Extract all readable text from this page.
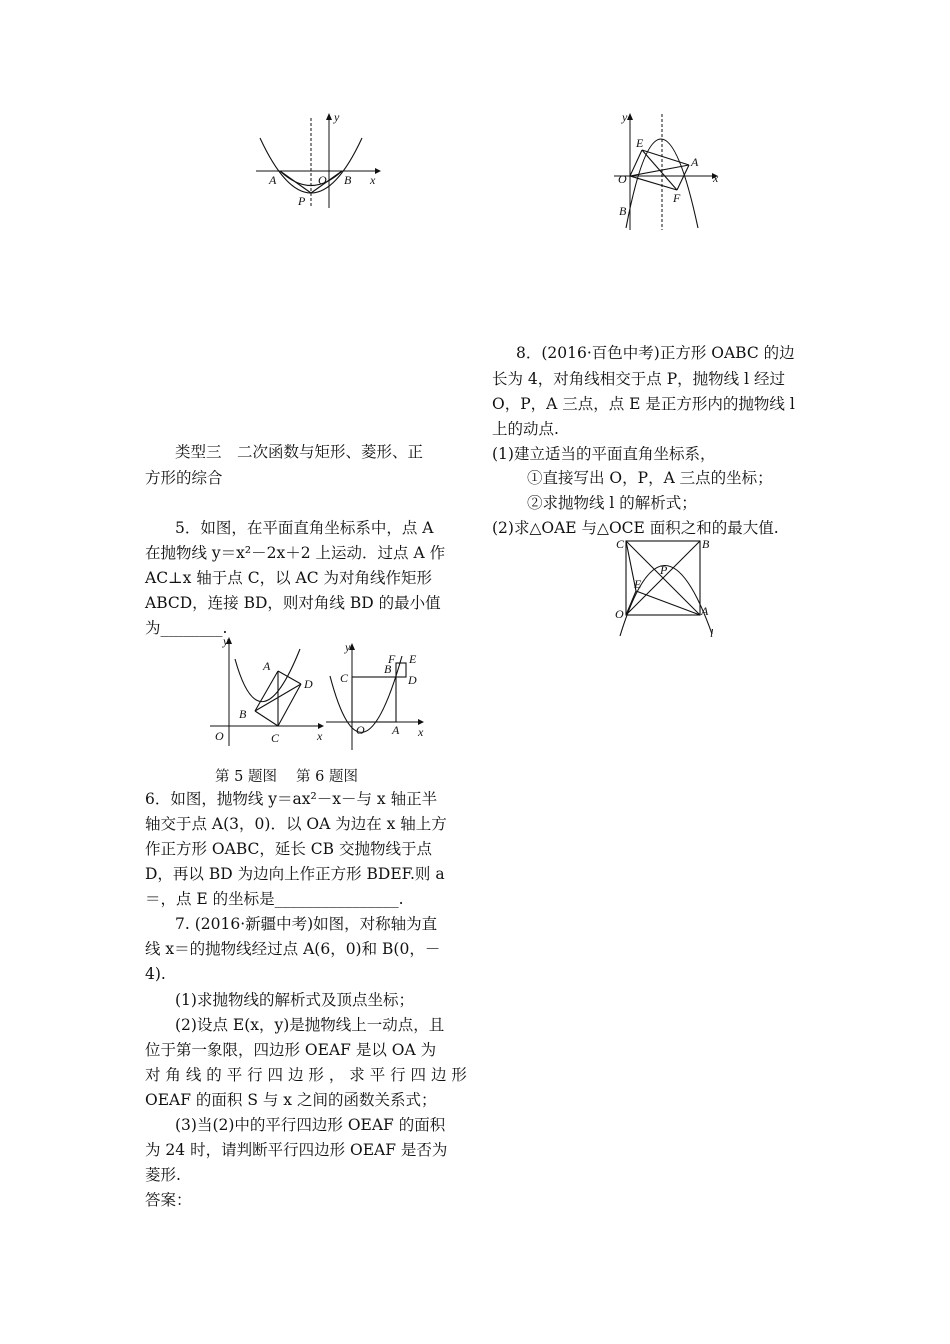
y
x
A	O B
P
y
x
E
A
O
F
B
8．(2016·百色中考)正方形 OABC 的边
长为 4，对角线相交于点 P，抛物线 l 经过
O，P，A 三点，点 E 是正方形内的抛物线 l
上的动点.
(1)建立适当的平面直角坐标系，
①直接写出 O，P，A 三点的坐标；
②求抛物线 l 的解析式；
(2)求△OAE 与△OCE 面积之和的最大值.
C	B
P
E
O	A
l
类型三　二次函数与矩形、菱形、正
方形的综合
5．如图，在平面直角坐标系中，点 A
在抛物线 y＝x²－2x＋2 上运动．过点 A 作
AC⊥x 轴于点 C，以 AC 为对角线作矩形
ABCD，连接 BD，则对角线 BD 的最小值
为________.
y
x
A
B
D
O	C
y
x
F E
C
B
D
O A
第 5 题图　 第 6 题图
6．如图，抛物线 y＝ax²－x－与 x 轴正半
轴交于点 A(3，0)．以 OA 为边在 x 轴上方
作正方形 OABC，延长 CB 交抛物线于点
D，再以 BD 为边向上作正方形 BDEF.则 a
＝，点 E 的坐标是________________.
7. (2016·新疆中考)如图，对称轴为直
线 x＝的抛物线经过点 A(6，0)和 B(0，－
4).
(1)求抛物线的解析式及顶点坐标；
(2)设点 E(x，y)是抛物线上一动点，且
位于第一象限，四边形 OEAF 是以 OA 为
对 角 线 的 平 行 四 边 形 ， 求 平 行 四 边 形
OEAF 的面积 S 与 x 之间的函数关系式；
(3)当(2)中的平行四边形 OEAF 的面积
为 24 时，请判断平行四边形 OEAF 是否为
菱形.
答案：
